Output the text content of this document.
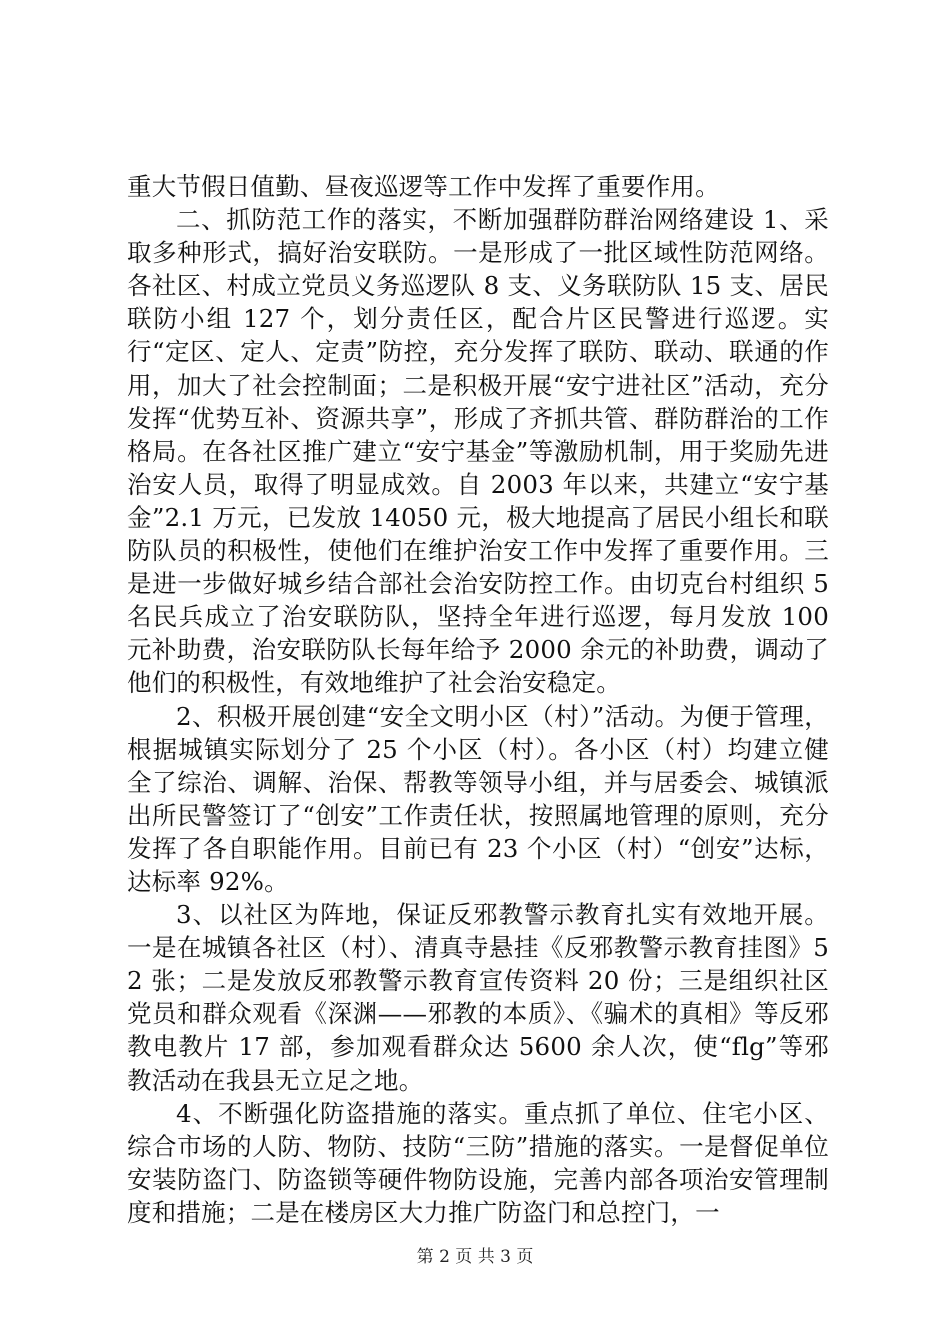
重大节假日值勤、昼夜巡逻等工作中发挥了重要作用。

二、抓防范工作的落实，不断加强群防群治网络建设 1、采取多种形式，搞好治安联防。一是形成了一批区域性防范网络。各社区、村成立党员义务巡逻队 8 支、义务联防队 15 支、居民联防小组 127 个，划分责任区，配合片区民警进行巡逻。实行“定区、定人、定责”防控，充分发挥了联防、联动、联通的作用，加大了社会控制面；二是积极开展“安宁进社区”活动，充分发挥“优势互补、资源共享”，形成了齐抓共管、群防群治的工作格局。在各社区推广建立“安宁基金”等激励机制，用于奖励先进治安人员，取得了明显成效。自 2003 年以来，共建立“安宁基金”2.1 万元，已发放 14050 元，极大地提高了居民小组长和联防队员的积极性，使他们在维护治安工作中发挥了重要作用。三是进一步做好城乡结合部社会治安防控工作。由切克台村组织 5 名民兵成立了治安联防队，坚持全年进行巡逻，每月发放 100 元补助费，治安联防队长每年给予 2000 余元的补助费，调动了他们的积极性，有效地维护了社会治安稳定。

2、积极开展创建“安全文明小区（村）”活动。为便于管理，根据城镇实际划分了 25 个小区（村）。各小区（村）均建立健全了综治、调解、治保、帮教等领导小组，并与居委会、城镇派出所民警签订了“创安”工作责任状，按照属地管理的原则，充分发挥了各自职能作用。目前已有 23 个小区（村）“创安”达标，达标率 92%。

3、以社区为阵地，保证反邪教警示教育扎实有效地开展。一是在城镇各社区（村）、清真寺悬挂《反邪教警示教育挂图》52 张；二是发放反邪教警示教育宣传资料 20 份；三是组织社区党员和群众观看《深渊——邪教的本质》、《骗术的真相》等反邪教电教片 17 部，参加观看群众达 5600 余人次，使“flg”等邪教活动在我县无立足之地。

4、不断强化防盗措施的落实。重点抓了单位、住宅小区、综合市场的人防、物防、技防“三防”措施的落实。一是督促单位安装防盗门、防盗锁等硬件物防设施，完善内部各项治安管理制度和措施；二是在楼房区大力推广防盗门和总控门，一

第 2 页 共 3 页
